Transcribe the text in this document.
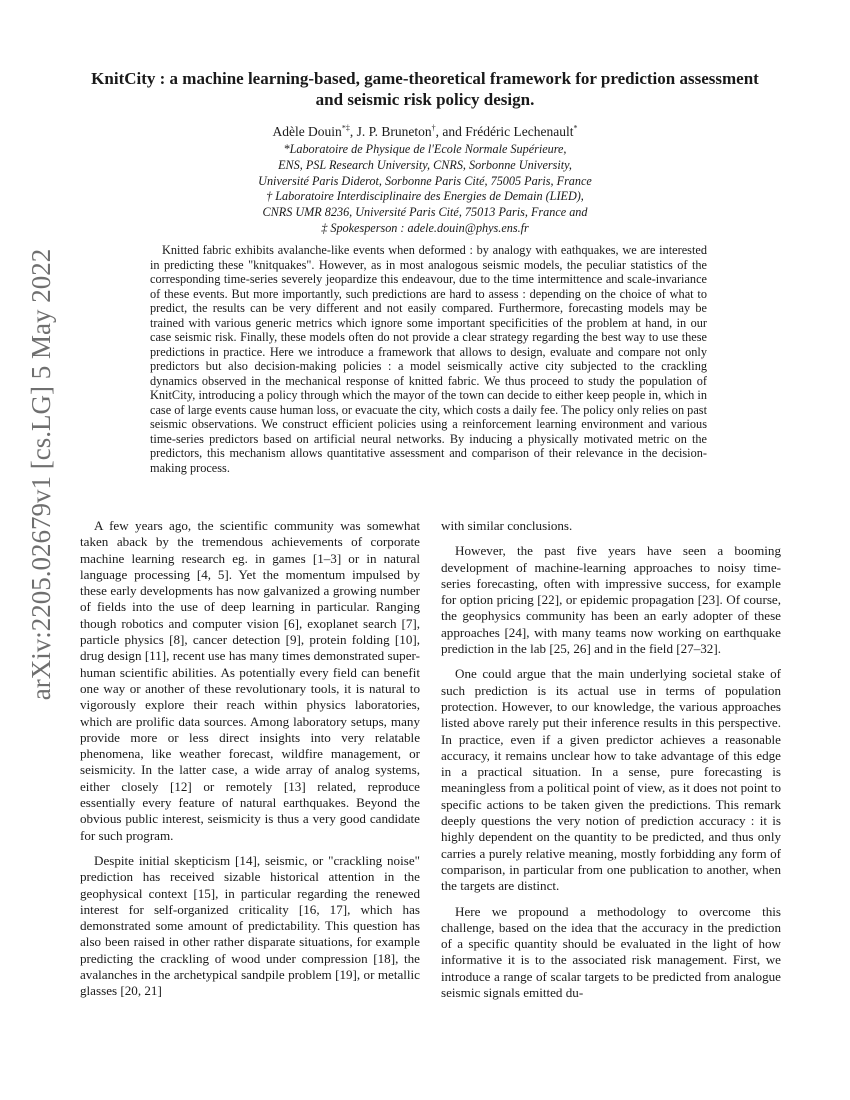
arXiv:2205.02679v1 [cs.LG] 5 May 2022
KnitCity : a machine learning-based, game-theoretical framework for prediction assessment and seismic risk policy design.
Adèle Douin*‡, J. P. Bruneton†, and Frédéric Lechenault*
*Laboratoire de Physique de l'Ecole Normale Supérieure,
ENS, PSL Research University, CNRS, Sorbonne University,
Université Paris Diderot, Sorbonne Paris Cité, 75005 Paris, France
† Laboratoire Interdisciplinaire des Energies de Demain (LIED),
CNRS UMR 8236, Université Paris Cité, 75013 Paris, France and
‡ Spokesperson : adele.douin@phys.ens.fr

Knitted fabric exhibits avalanche-like events when deformed : by analogy with eathquakes, we are interested in predicting these "knitquakes". However, as in most analogous seismic models, the peculiar statistics of the corresponding time-series severely jeopardize this endeavour, due to the time intermittence and scale-invariance of these events. But more importantly, such predictions are hard to assess : depending on the choice of what to predict, the results can be very different and not easily compared. Furthermore, forecasting models may be trained with various generic metrics which ignore some important specificities of the problem at hand, in our case seismic risk. Finally, these models often do not provide a clear strategy regarding the best way to use these predictions in practice. Here we introduce a framework that allows to design, evaluate and compare not only predictors but also decision-making policies : a model seismically active city subjected to the crackling dynamics observed in the mechanical response of knitted fabric. We thus proceed to study the population of KnitCity, introducing a policy through which the mayor of the town can decide to either keep people in, which in case of large events cause human loss, or evacuate the city, which costs a daily fee. The policy only relies on past seismic observations. We construct efficient policies using a reinforcement learning environment and various time-series predictors based on artificial neural networks. By inducing a physically motivated metric on the predictors, this mechanism allows quantitative assessment and comparison of their relevance in the decision-making process.

A few years ago, the scientific community was somewhat taken aback by the tremendous achievements of corporate machine learning research eg. in games [1–3] or in natural language processing [4, 5]. Yet the momentum impulsed by these early developments has now galvanized a growing number of fields into the use of deep learning in particular. Ranging though robotics and computer vision [6], exoplanet search [7], particle physics [8], cancer detection [9], protein folding [10], drug design [11], recent use has many times demonstrated super-human scientific abilities. As potentially every field can benefit one way or another of these revolutionary tools, it is natural to vigorously explore their reach within physics laboratories, which are prolific data sources. Among laboratory setups, many provide more or less direct insights into very relatable phenomena, like weather forecast, wildfire management, or seismicity. In the latter case, a wide array of analog systems, either closely [12] or remotely [13] related, reproduce essentially every feature of natural earthquakes. Beyond the obvious public interest, seismicity is thus a very good candidate for such program.

Despite initial skepticism [14], seismic, or "crackling noise" prediction has received sizable historical attention in the geophysical context [15], in particular regarding the renewed interest for self-organized criticality [16, 17], which has demonstrated some amount of predictability. This question has also been raised in other rather disparate situations, for example predicting the crackling of wood under compression [18], the avalanches in the archetypical sandpile problem [19], or metallic glasses [20, 21]

with similar conclusions.

However, the past five years have seen a booming development of machine-learning approaches to noisy time-series forecasting, often with impressive success, for example for option pricing [22], or epidemic propagation [23]. Of course, the geophysics community has been an early adopter of these approaches [24], with many teams now working on earthquake prediction in the lab [25, 26] and in the field [27–32].

One could argue that the main underlying societal stake of such prediction is its actual use in terms of population protection. However, to our knowledge, the various approaches listed above rarely put their inference results in this perspective. In practice, even if a given predictor achieves a reasonable accuracy, it remains unclear how to take advantage of this edge in a practical situation. In a sense, pure forecasting is meaningless from a political point of view, as it does not point to specific actions to be taken given the predictions. This remark deeply questions the very notion of prediction accuracy : it is highly dependent on the quantity to be predicted, and thus only carries a purely relative meaning, mostly forbidding any form of comparison, in particular from one publication to another, when the targets are distinct.

Here we propound a methodology to overcome this challenge, based on the idea that the accuracy in the prediction of a specific quantity should be evaluated in the light of how informative it is to the associated risk management. First, we introduce a range of scalar targets to be predicted from analogue seismic signals emitted du-
